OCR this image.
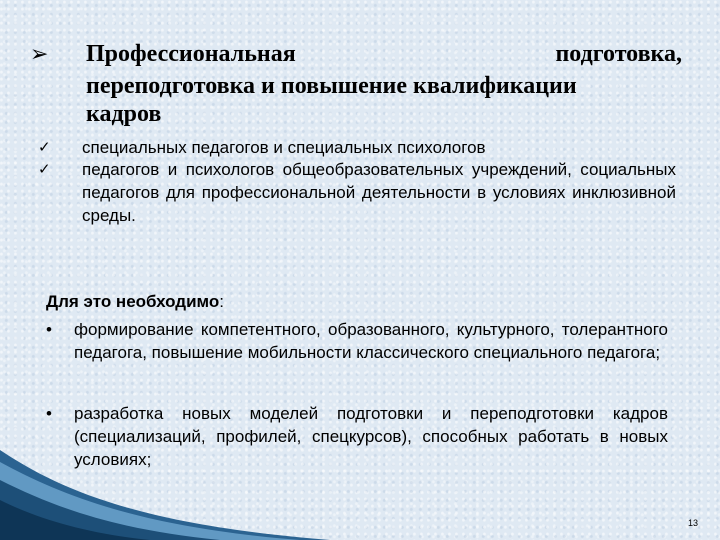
➢ Профессиональная	подготовка,
переподготовка и повышение квалификации
кадров
✓ специальных педагогов и специальных психологов
✓ педагогов и психологов общеобразовательных учреждений, социальных педагогов для профессиональной деятельности в условиях инклюзивной среды.
Для это необходимо:
• формирование компетентного, образованного, культурного, толерантного педагога, повышение мобильности классического специального педагога;
• разработка новых моделей подготовки и переподготовки кадров (специализаций, профилей, спецкурсов), способных работать в новых условиях;
13
